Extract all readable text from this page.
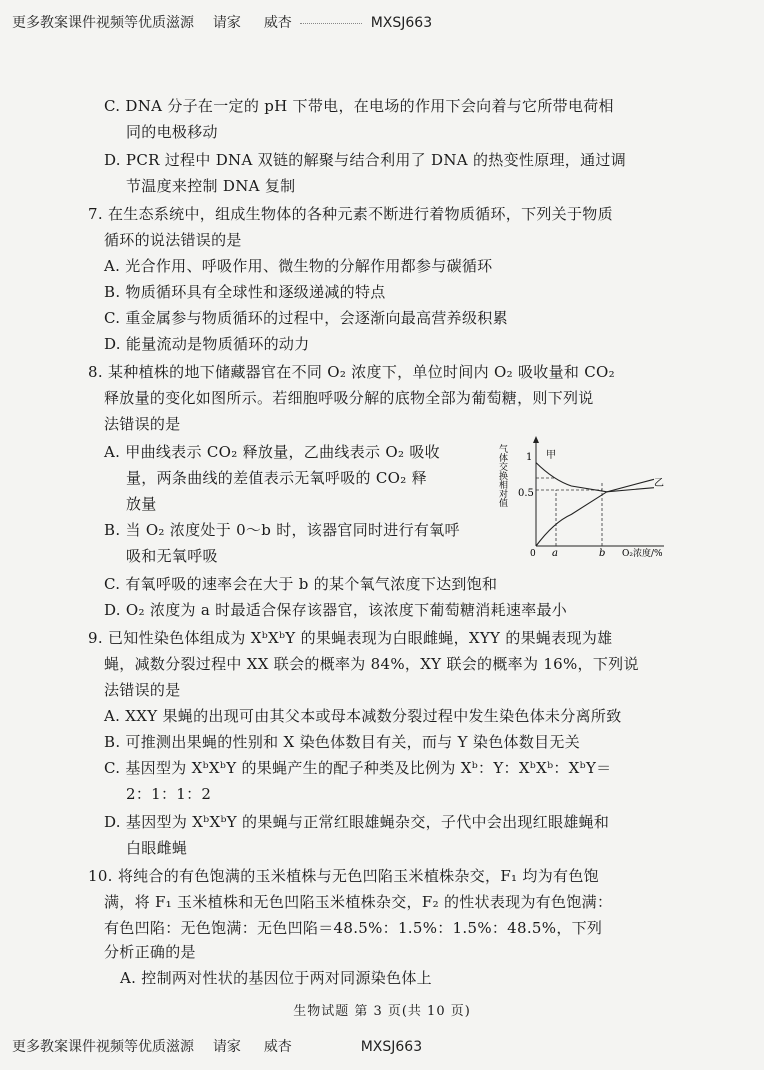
更多教案课件视频等优质滋源 请家 威杏	MXSJ663
C. DNA 分子在一定的 pH 下带电，在电场的作用下会向着与它所带电荷相
同的电极移动
D. PCR 过程中 DNA 双链的解聚与结合利用了 DNA 的热变性原理，通过调
节温度来控制 DNA 复制
7. 在生态系统中，组成生物体的各种元素不断进行着物质循环，下列关于物质
循环的说法错误的是
A. 光合作用、呼吸作用、微生物的分解作用都参与碳循环
B. 物质循环具有全球性和逐级递减的特点
C. 重金属参与物质循环的过程中，会逐渐向最高营养级积累
D. 能量流动是物质循环的动力
8. 某种植株的地下储藏器官在不同 O₂ 浓度下，单位时间内 O₂ 吸收量和 CO₂
释放量的变化如图所示。若细胞呼吸分解的底物全部为葡萄糖，则下列说
法错误的是
A. 甲曲线表示 CO₂ 释放量，乙曲线表示 O₂ 吸收
量，两条曲线的差值表示无氧呼吸的 CO₂ 释
放量
B. 当 O₂ 浓度处于 0～b 时，该器官同时进行有氧呼
吸和无氧呼吸
C. 有氧呼吸的速率会在大于 b 的某个氧气浓度下达到饱和
D. O₂ 浓度为 a 时最适合保存该器官，该浓度下葡萄糖消耗速率最小
气体交换相对值 1
0.5
0 a	b O₂浓度/%
甲
乙
9. 已知性染色体组成为 XᵇXᵇY 的果蝇表现为白眼雌蝇，XYY 的果蝇表现为雄
蝇，减数分裂过程中 XX 联会的概率为 84%，XY 联会的概率为 16%，下列说
法错误的是
A. XXY 果蝇的出现可由其父本或母本减数分裂过程中发生染色体未分离所致
B. 可推测出果蝇的性别和 X 染色体数目有关，而与 Y 染色体数目无关
C. 基因型为 XᵇXᵇY 的果蝇产生的配子种类及比例为 Xᵇ：Y：XᵇXᵇ：XᵇY＝
2：1：1：2
D. 基因型为 XᵇXᵇY 的果蝇与正常红眼雄蝇杂交，子代中会出现红眼雄蝇和
白眼雌蝇
10. 将纯合的有色饱满的玉米植株与无色凹陷玉米植株杂交，F₁ 均为有色饱
满，将 F₁ 玉米植株和无色凹陷玉米植株杂交，F₂ 的性状表现为有色饱满：
有色凹陷：无色饱满：无色凹陷＝48.5%：1.5%：1.5%：48.5%，下列
分析正确的是
生物试题 第 3 页(共 10 页)
更多教案课件视频等优质滋源 请家 威杏	MXSJ663
A. 控制两对性状的基因位于两对同源染色体上
